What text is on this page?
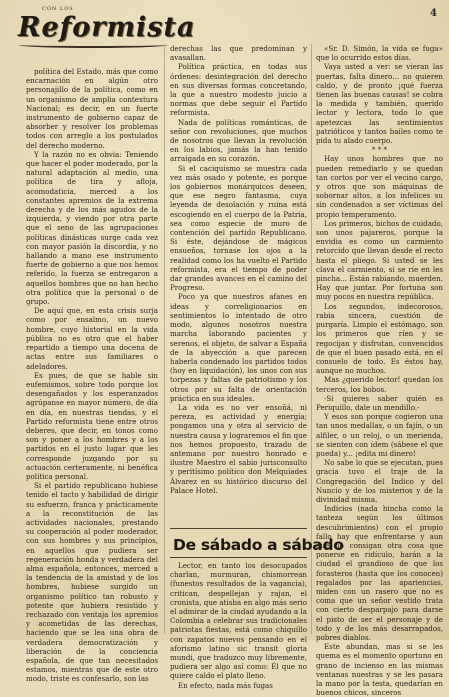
CON LOS
Reformista	4

política del Estado, más que como encarnación en algún otro personajillo de la política, como en un organismo de amplia contextura Nacional; es decir, en un fuerte instrumento de gobierno capaz de absorber y resolver los problemas todos con arreglo a los postulados del derecho moderno.

Y la razón no es obvia: Teniendo que hacer el poder moderado, por la natural adaptación al medio, una política de tira y afloja, acomodaticia, merced a los constantes apremios de la extrema derecha y de los más agudos de la izquierda, y viendo por otra parte que el seno de las agrupaciones políticas dinásticas surge cada vez con mayor pasión la discordia, y no hallando a mano ese instrumento fuerte de gobierno a que nos hemos referido, la fuerza se entregaron a aquellos hombres que no han hecho otra política que la personal o de grupo.

De aquí que, en esta crisis surja como por ensalmo, un nuevo hombre, cuyo historial en la vida pública no es otro que el haber repartido a tiempo una docena de actas entre sus familiares o adeladores.

Es pues, de que se hable sin eufemismos, sobre todo porque los desengañados y los esperanzados agrúpanse en mayor número, de día en día, en nuestras tiendas, y el Partido reformista tiene entre otros deberes, que decir, en tonos como son y poner a los hombres y a los partidos en el justo lugar que les corresponde juzgando por su actuación certeramente, ni benéfica política personal.

Si el partido republicano hubiese tenido el tacto y habilidad de dirigir su esfuerzo, franca y prácticamente a la reconstitución de las actividades nacionales, prestando su cooperación al poder moderador, con sus hombres y sus principios, en aquellos que pudiera ser regeneración honda y verdadera del alma española, entonces, merced a la tendencia de la amistad y de los hombres, hubiese surgido un organismo político tan robusto y potente que hubiera resistido y rechazado con ventaja los apremios y acometidas de las derechas, haciendo que se lea una obra de verdadera democratización y liberación de la conciencia española, de que tan necesitados estamos, mientras que de este otro modo, triste es confesarlo, son las

derechas las que predominan y avasallan.

Política práctica, en todas sus órdenes: desintegración del derecho en sus diversas formas concretando, la que a nuestro modesto juicio a normas que debe seguir el Partido reformista.

Nada de políticas románticas, de señor con revoluciones, que muchos de nosotros que llevan la revolución en los labios, jamás la han tenido arraigada en su corazón.

Si el caciquismo se muestra cada vez más osado y potente, es porque los gobiernos monárquicos deseen, que ese negro fantasma, cuya leyenda de desolación y ruina está escogiendo en el cuerpo de la Patria, sea como especie de muro de contención del partido Republicano. Si éste, dejándose de mágicos ensueños, tornase los ojos a la realidad como los ha vuelto el Partido reformista, era el tiempo de poder dar grandes avances en el camino del Progreso.

Poco ya que nuestros afanes en ideas y correligionarios en sentimientos lo intentado de otro modo, algunos nosotros nuestra marcha laborando pacientes y serenos, el objeto, de salvar a España de la abyección a que parecen haberla condenado los partidos todos (hoy en liquidación), los unos con sus torpezas y faltas de patriotismo y los otros por su falta de orientación práctica en sus ideales.

La vida es no ver ensoñá, ni pereza, es actividad y energía; pongamos una y otra al servicio de nuestra causa y lograremos el fin que nos hemos propuesto, trazado de antemano por nuestro honrado e ilustre Maestro el sabio jurisconsulto y peritísimo político don Melquíades Álvarez en su histórico discurso del Palace Hotel.

De sábado a sábado

Lector, en tanto los desocupados charlan, murmuran, chismorrean (funestos resultados de la vagancia), critican, despellejan y rajan, el cronista, que atisba en algo más serio el admirar de la ciudad ayudando a la Colombia a celebrar sus tradicionales patriotas fiestas, está como chiquillo con zapatos nuevos pensando en el aforismo latino sic transit gloria mundi, que traduzco muy libremente, pudiera ser algo así como: Él que no quiere caldo el plato lleno.

En efecto, nada más fugas

«Sr. D. Simón, la vida se fuga» que lo ocurrido estos días.

Vaya usted a ver: se vieran las puertas, falta dinero... no quieren caldo, y de pronto ¡qué fuerza tienen las buenas causas! se cobra la medida y también, querido lector y lectora, todo lo que apetezcas las sentimientos patrióticos y tantos bailes como te pida tu alado cuerpo.

* * *

Hay unos hombres que no pueden remediarlo y se quedan tan cortos por ver el vecino cargo, y otros que son máquinas de sobornar altos, a los infelices su sin condenados a ser víctimas del propio temperamento.

Los primeros, bichos de cuidado, son unos pajareros, porque la envidia es como un carmiento retorcido que llevan desde el recto hasta el pliego. Si usted se les clava el carmiento, si se ríe en les pincha... Están rabiando, muerden. Hay que juntar. Por fortuna son muy pocos en nuestra república.

Los segundos, indecorosos, rabia sincera, cuestión de purgaría. Limpio el estómago, son los primeros que ríen y se regocijan y disfrutan, convencidos de que el buen pasado está, en el consuelo de todo. Es éstos hay, aunque no muchos.

Mas ¿querido lector! quedan los terceros, los bobos.

-Si quieres saber quién es Periquillo, dale un mendillo.-

Y esos son porque cogieron una tan unos medallas, o un fajín, o un alfiler, o un reloj, o un merienda, se sienten con ídem (sábese el que pueda) y... ¡edita mi dinero!

No sabe lo que se ejecutan, pues gracia tuvo el traje de la Congregación del Indico y del Nuncio y de los misterios y de la divinidad misma.

Indicios (nada hincha como la tanteza según los últimos descubrimientos) con el propio fallo hay que enfrentarse y aun que no consigan otra cosa que ponerse en ridículo, harán a la ciudad el grandioso de que los forasteros (hasta que los conocen) regalados por las apariencias, miden con un rasero que no es coma que un señor vestido trata con cierto desparpajo para darse el pisto de ser el personaje y de todo y de los más desarrapados, pobres diablos.

Este abundan, mas si se les quema es el momento oportuno en grano de incienso en las mismas ventanas nuestras y se les pasara la mano por la testa, quedarían en buenos chicos, sinceros
